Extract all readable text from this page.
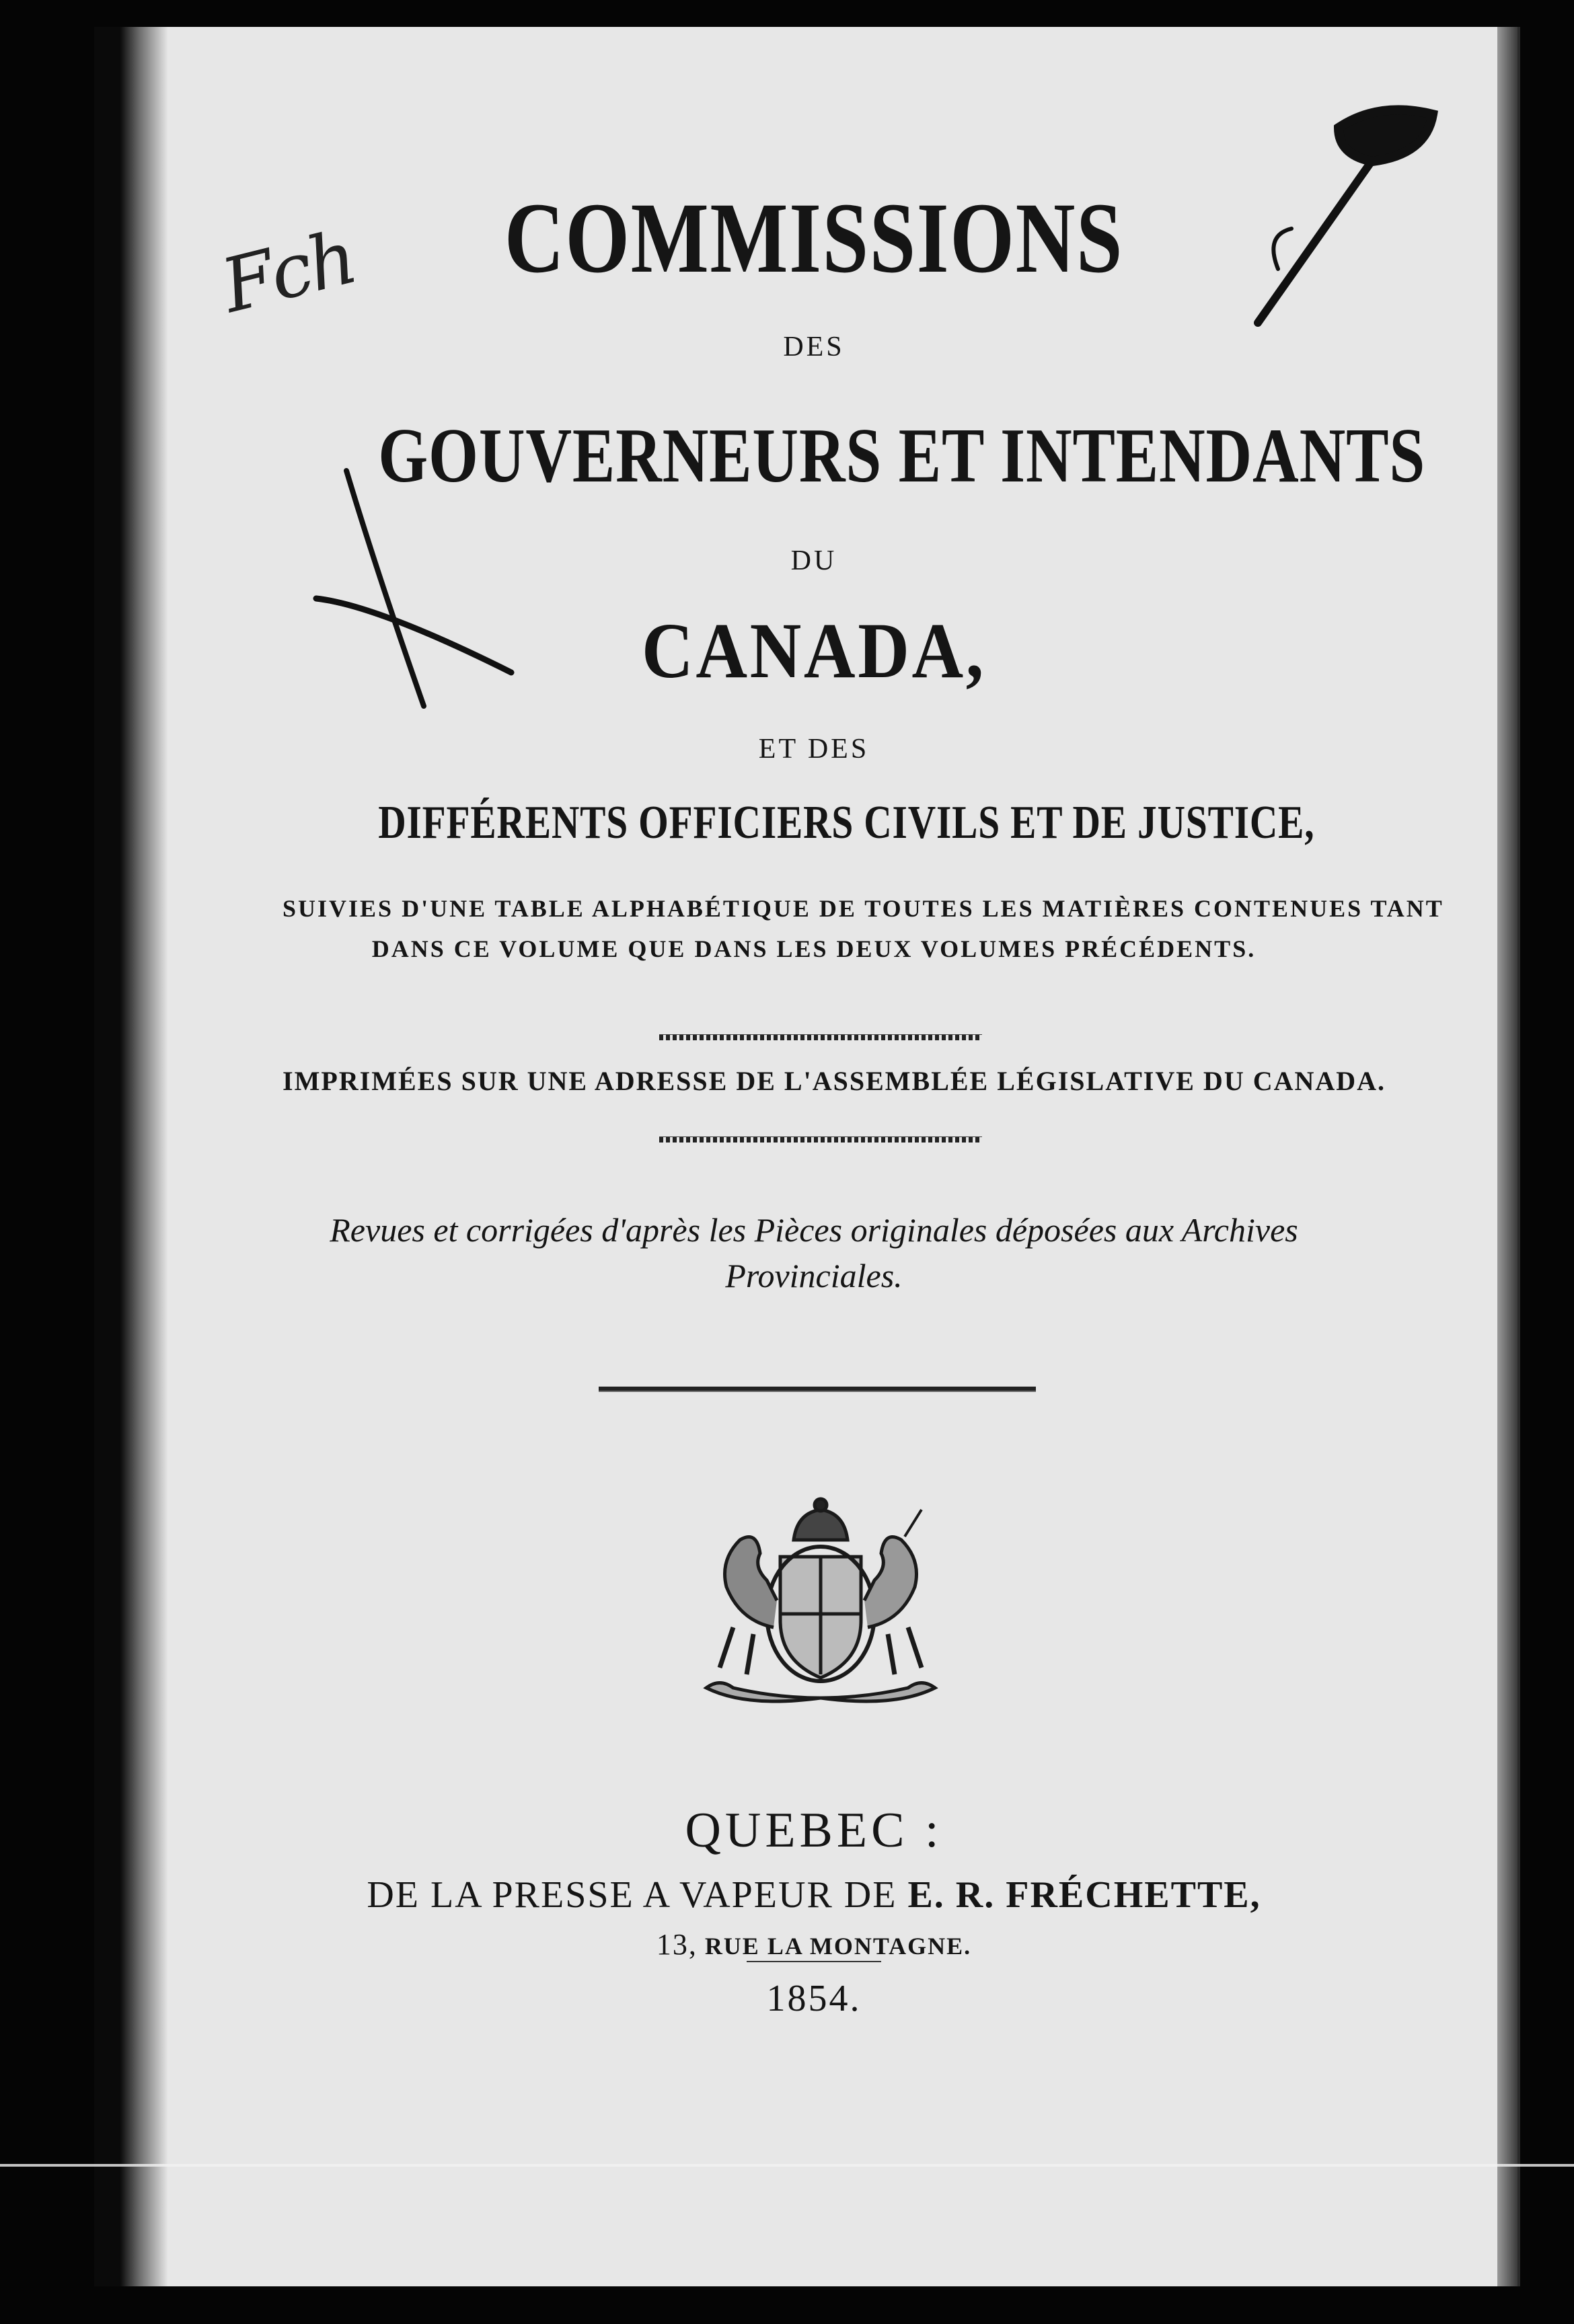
COMMISSIONS
DES
GOUVERNEURS ET INTENDANTS
DU
CANADA,
ET DES
DIFFÉRENTS OFFICIERS CIVILS ET DE JUSTICE,
SUIVIES D'UNE TABLE ALPHABÉTIQUE DE TOUTES LES MATIÈRES CONTENUES TANT
DANS CE VOLUME QUE DANS LES DEUX VOLUMES PRÉCÉDENTS.
IMPRIMÉES SUR UNE ADRESSE DE L'ASSEMBLÉE LÉGISLATIVE DU CANADA.
Revues et corrigées d'après les Pièces originales déposées aux Archives
Provinciales.
QUEBEC :
DE LA PRESSE A VAPEUR DE E. R. FRÉCHETTE,
13, RUE LA MONTAGNE.
1854.
Fch
